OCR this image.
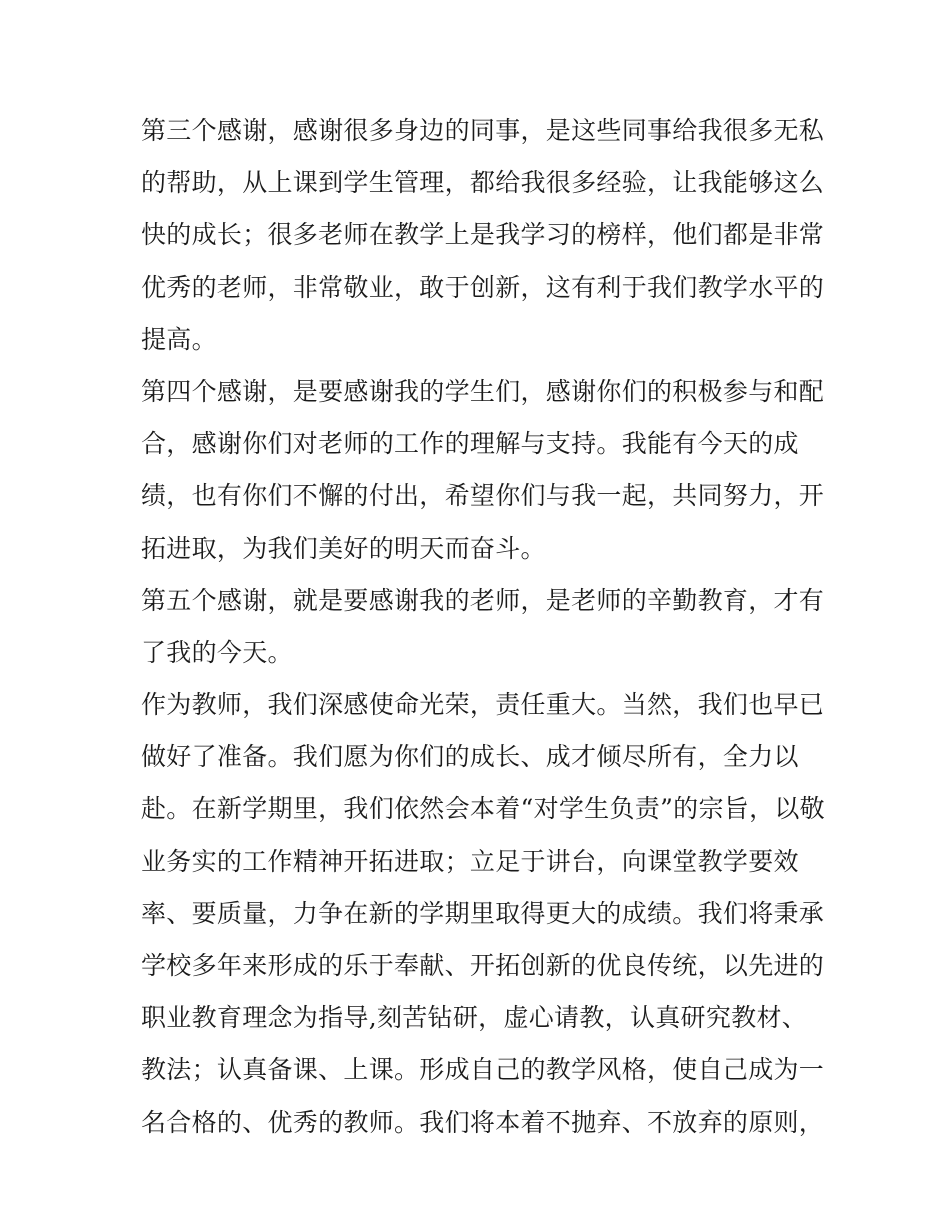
第三个感谢，感谢很多身边的同事，是这些同事给我很多无私
的帮助，从上课到学生管理，都给我很多经验，让我能够这么
快的成长；很多老师在教学上是我学习的榜样，他们都是非常
优秀的老师，非常敬业，敢于创新，这有利于我们教学水平的
提高。
第四个感谢，是要感谢我的学生们，感谢你们的积极参与和配
合，感谢你们对老师的工作的理解与支持。我能有今天的成
绩，也有你们不懈的付出，希望你们与我一起，共同努力，开
拓进取，为我们美好的明天而奋斗。
第五个感谢，就是要感谢我的老师，是老师的辛勤教育，才有
了我的今天。
作为教师，我们深感使命光荣，责任重大。当然，我们也早已
做好了准备。我们愿为你们的成长、成才倾尽所有，全力以
赴。在新学期里，我们依然会本着“对学生负责”的宗旨，以敬
业务实的工作精神开拓进取；立足于讲台，向课堂教学要效
率、要质量，力争在新的学期里取得更大的成绩。我们将秉承
学校多年来形成的乐于奉献、开拓创新的优良传统，以先进的
职业教育理念为指导,刻苦钻研，虚心请教，认真研究教材、
教法；认真备课、上课。形成自己的教学风格，使自己成为一
名合格的、优秀的教师。我们将本着不抛弃、不放弃的原则，
